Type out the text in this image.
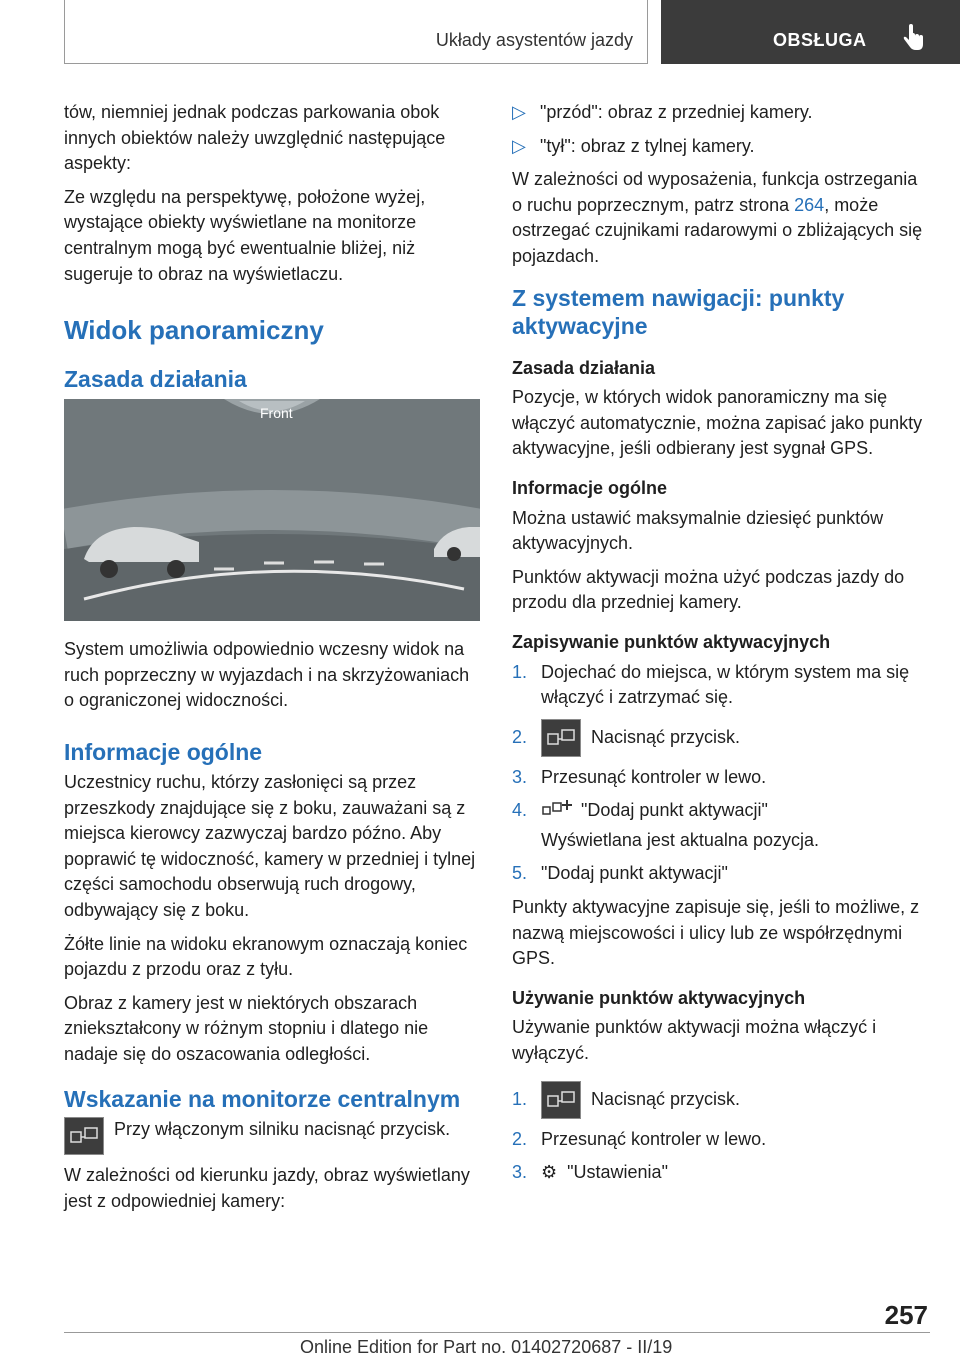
Układy asystentów jazdy	OBSŁUGA

tów, niemniej jednak podczas parkowania obok innych obiektów należy uwzględnić następujące aspekty:

Ze względu na perspektywę, położone wyżej, wystające obiekty wyświetlane na monitorze centralnym mogą być ewentualnie bliżej, niż sugeruje to obraz na wyświetlaczu.

Widok panoramiczny
Zasada działania
Front

System umożliwia odpowiednio wczesny widok na ruch poprzeczny w wyjazdach i na skrzyżowaniach o ograniczonej widoczności.

Informacje ogólne

Uczestnicy ruchu, którzy zasłonięci są przez przeszkody znajdujące się z boku, zauważani są z miejsca kierowcy zazwyczaj bardzo późno. Aby poprawić tę widoczność, kamery w przedniej i tylnej części samochodu obserwują ruch drogowy, odbywający się z boku.

Żółte linie na widoku ekranowym oznaczają koniec pojazdu z przodu oraz z tyłu.

Obraz z kamery jest w niektórych obszarach zniekształcony w różnym stopniu i dlatego nie nadaje się do oszacowania odległości.

Wskazanie na monitorze centralnym
Przy włączonym silniku nacisnąć przycisk.

W zależności od kierunku jazdy, obraz wyświetlany jest z odpowiedniej kamery:

▷ "przód": obraz z przedniej kamery.
▷ "tył": obraz z tylnej kamery.

W zależności od wyposażenia, funkcja ostrzegania o ruchu poprzecznym, patrz strona 264, może ostrzegać czujnikami radarowymi o zbliżających się pojazdach.

Z systemem nawigacji: punkty aktywacyjne
Zasada działania

Pozycje, w których widok panoramiczny ma się włączyć automatycznie, można zapisać jako punkty aktywacyjne, jeśli odbierany jest sygnał GPS.

Informacje ogólne

Można ustawić maksymalnie dziesięć punktów aktywacyjnych.

Punktów aktywacji można użyć podczas jazdy do przodu dla przedniej kamery.

Zapisywanie punktów aktywacyjnych
1. Dojechać do miejsca, w którym system ma się włączyć i zatrzymać się.
2.	Nacisnąć przycisk.
3. Przesunąć kontroler w lewo.
4.	"Dodaj punkt aktywacji"

Wyświetlana jest aktualna pozycja.

5. "Dodaj punkt aktywacji"

Punkty aktywacyjne zapisuje się, jeśli to możliwe, z nazwą miejscowości i ulicy lub ze współrzędnymi GPS.

Używanie punktów aktywacyjnych

Używanie punktów aktywacji można włączyć i wyłączyć.

1.	Nacisnąć przycisk.
2. Przesunąć kontroler w lewo.
3. ⚙ "Ustawienia"
257
Online Edition for Part no. 01402720687 - II/19
